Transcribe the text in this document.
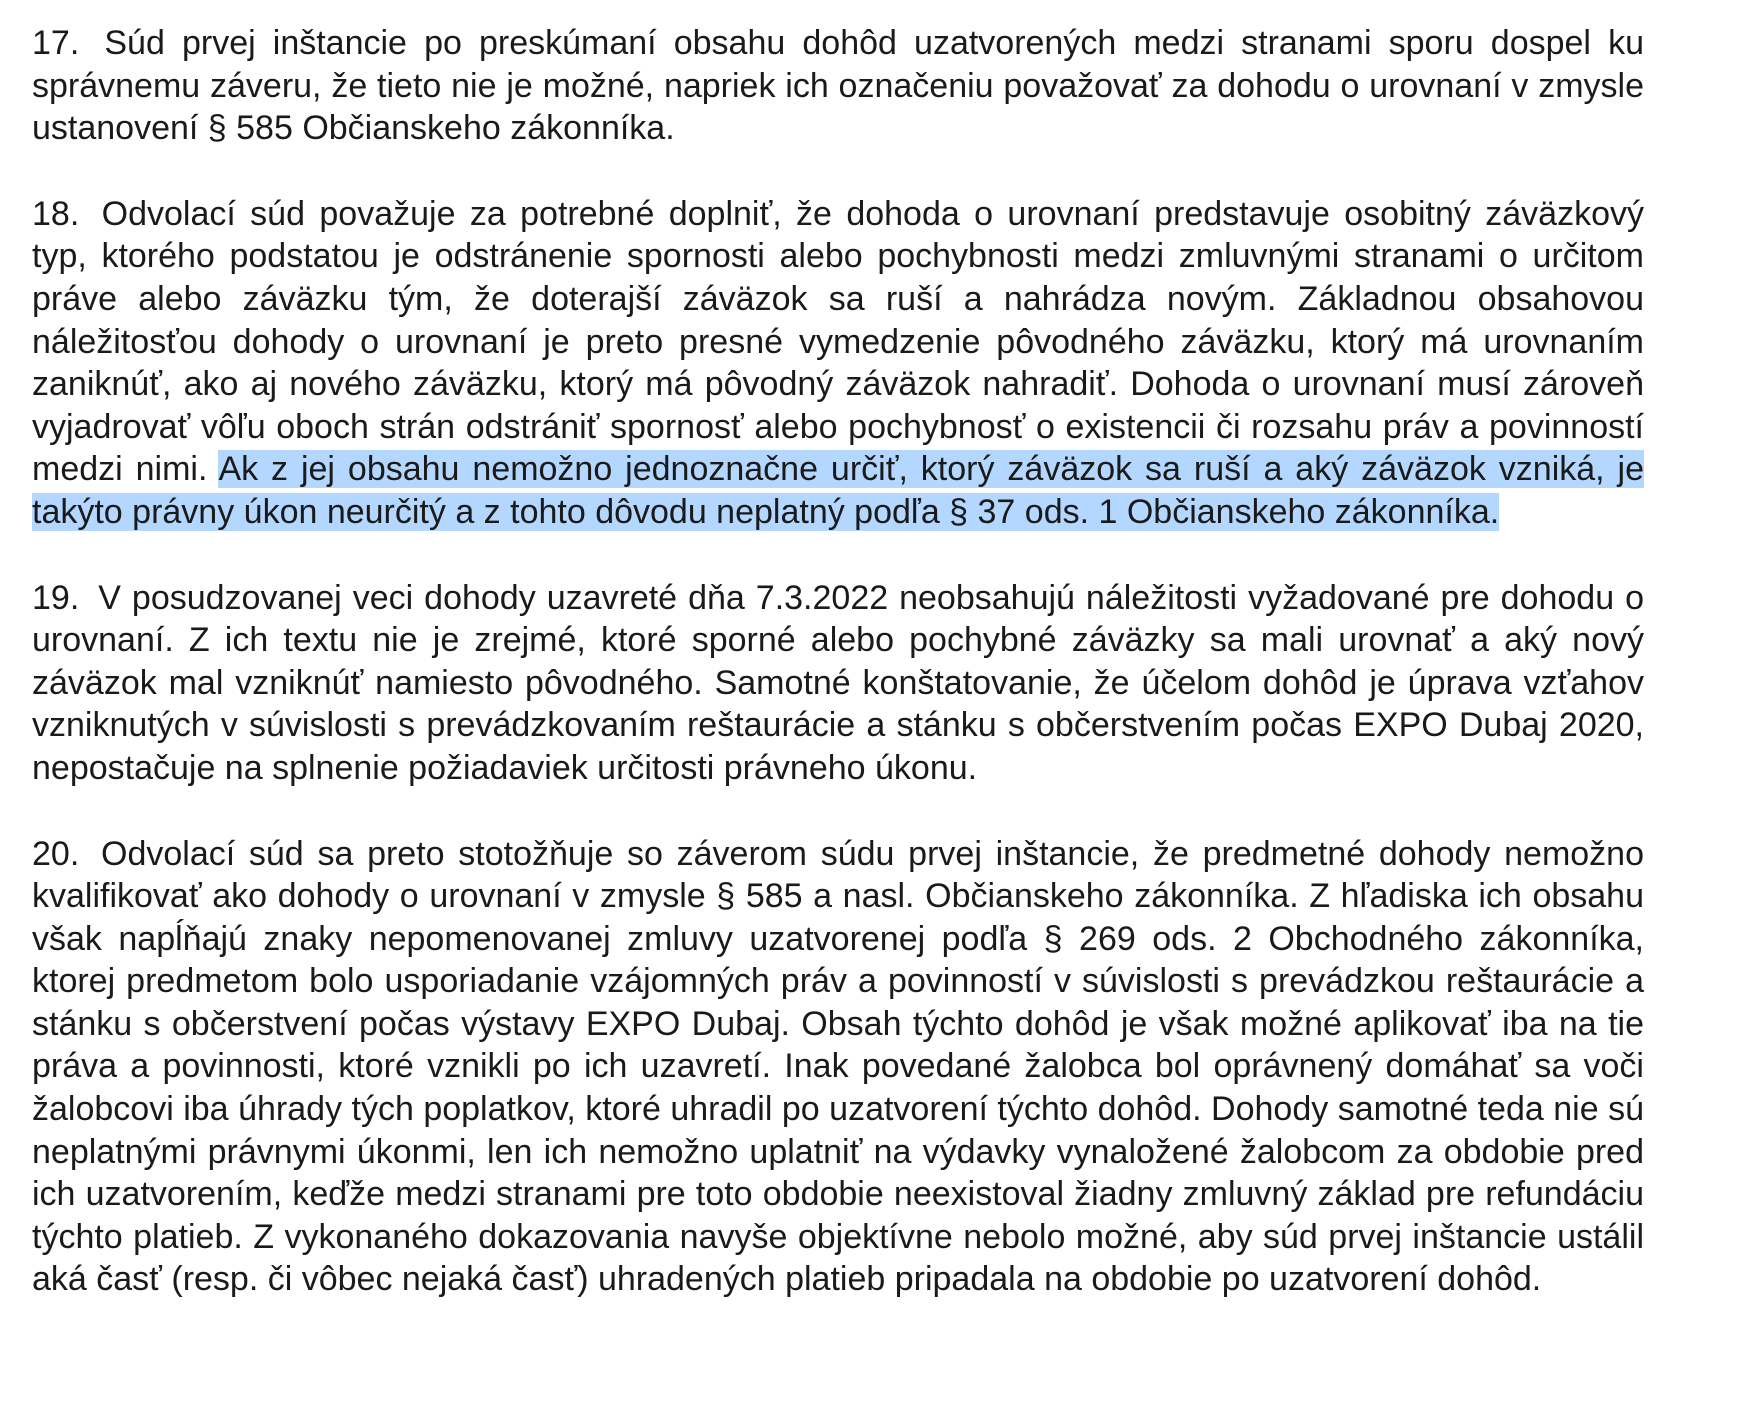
17. Súd prvej inštancie po preskúmaní obsahu dohôd uzatvorených medzi stranami sporu dospel ku správnemu záveru, že tieto nie je možné, napriek ich označeniu považovať za dohodu o urovnaní v zmysle ustanovení § 585 Občianskeho zákonníka.

18. Odvolací súd považuje za potrebné doplniť, že dohoda o urovnaní predstavuje osobitný záväzkový typ, ktorého podstatou je odstránenie spornosti alebo pochybnosti medzi zmluvnými stranami o určitom práve alebo záväzku tým, že doterajší záväzok sa ruší a nahrádza novým. Základnou obsahovou náležitosťou dohody o urovnaní je preto presné vymedzenie pôvodného záväzku, ktorý má urovnaním zaniknúť, ako aj nového záväzku, ktorý má pôvodný záväzok nahradiť. Dohoda o urovnaní musí zároveň vyjadrovať vôľu oboch strán odstrániť spornosť alebo pochybnosť o existencii či rozsahu práv a povinností medzi nimi. Ak z jej obsahu nemožno jednoznačne určiť, ktorý záväzok sa ruší a aký záväzok vzniká, je takýto právny úkon neurčitý a z tohto dôvodu neplatný podľa § 37 ods. 1 Občianskeho zákonníka.

19. V posudzovanej veci dohody uzavreté dňa 7.3.2022 neobsahujú náležitosti vyžadované pre dohodu o urovnaní. Z ich textu nie je zrejmé, ktoré sporné alebo pochybné záväzky sa mali urovnať a aký nový záväzok mal vzniknúť namiesto pôvodného. Samotné konštatovanie, že účelom dohôd je úprava vzťahov vzniknutých v súvislosti s prevádzkovaním reštaurácie a stánku s občerstvením počas EXPO Dubaj 2020, nepostačuje na splnenie požiadaviek určitosti právneho úkonu.

20. Odvolací súd sa preto stotožňuje so záverom súdu prvej inštancie, že predmetné dohody nemožno kvalifikovať ako dohody o urovnaní v zmysle § 585 a nasl. Občianskeho zákonníka. Z hľadiska ich obsahu však napĺňajú znaky nepomenovanej zmluvy uzatvorenej podľa § 269 ods. 2 Obchodného zákonníka, ktorej predmetom bolo usporiadanie vzájomných práv a povinností v súvislosti s prevádzkou reštaurácie a stánku s občerstvení počas výstavy EXPO Dubaj. Obsah týchto dohôd je však možné aplikovať iba na tie práva a povinnosti, ktoré vznikli po ich uzavretí. Inak povedané žalobca bol oprávnený domáhať sa voči žalobcovi iba úhrady tých poplatkov, ktoré uhradil po uzatvorení týchto dohôd. Dohody samotné teda nie sú neplatnými právnymi úkonmi, len ich nemožno uplatniť na výdavky vynaložené žalobcom za obdobie pred ich uzatvorením, keďže medzi stranami pre toto obdobie neexistoval žiadny zmluvný základ pre refundáciu týchto platieb. Z vykonaného dokazovania navyše objektívne nebolo možné, aby súd prvej inštancie ustálil aká časť (resp. či vôbec nejaká časť) uhradených platieb pripadala na obdobie po uzatvorení dohôd.
